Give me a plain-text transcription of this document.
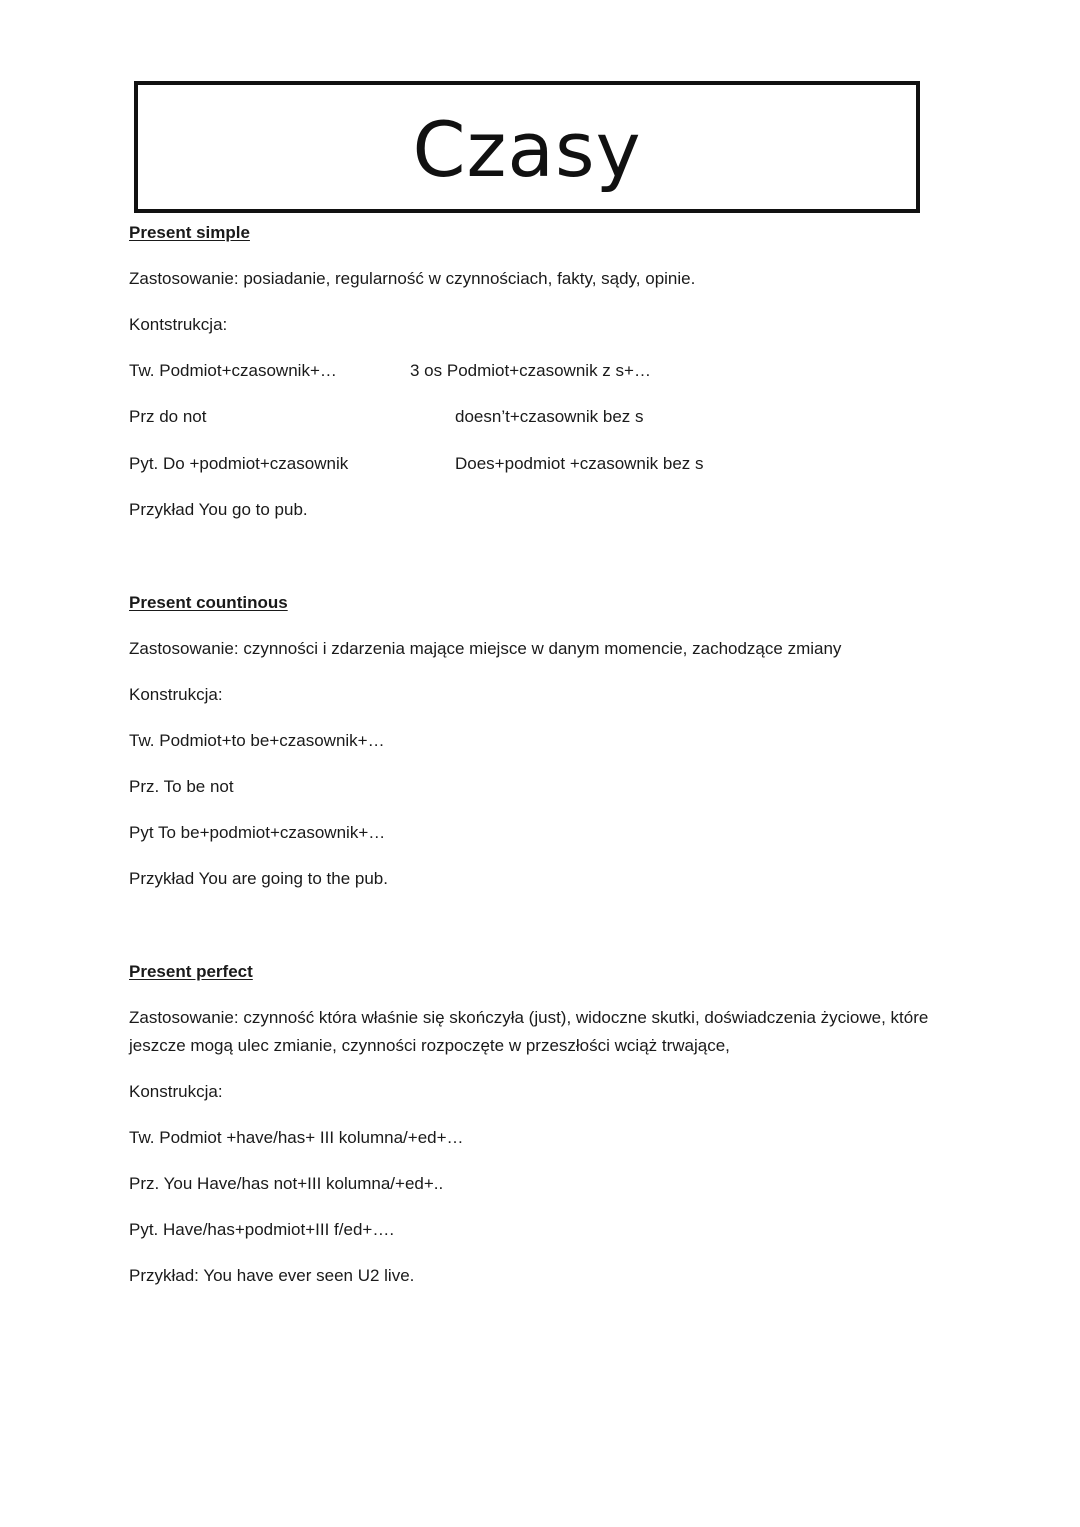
Czasy
Present simple
Zastosowanie: posiadanie, regularność w czynnościach, fakty, sądy, opinie.
Kontstrukcja:
Tw. Podmiot+czasownik+…	3 os Podmiot+czasownik z s+…
Prz do not	doesn’t+czasownik bez s
Pyt. Do +podmiot+czasownik	Does+podmiot +czasownik bez s
Przykład You go to pub.
Present countinous
Zastosowanie: czynności i zdarzenia mające miejsce w danym momencie, zachodzące zmiany
Konstrukcja:
Tw. Podmiot+to be+czasownik+…
Prz. To be not
Pyt To be+podmiot+czasownik+…
Przykład You are going to the pub.
Present perfect
Zastosowanie: czynność która właśnie się skończyła (just), widoczne skutki, doświadczenia życiowe, które jeszcze mogą ulec zmianie, czynności rozpoczęte w przeszłości wciąż trwające,
Konstrukcja:
Tw. Podmiot +have/has+ III kolumna/+ed+…
Prz. You Have/has not+III kolumna/+ed+..
Pyt. Have/has+podmiot+III f/ed+….
Przykład: You have ever seen U2 live.
